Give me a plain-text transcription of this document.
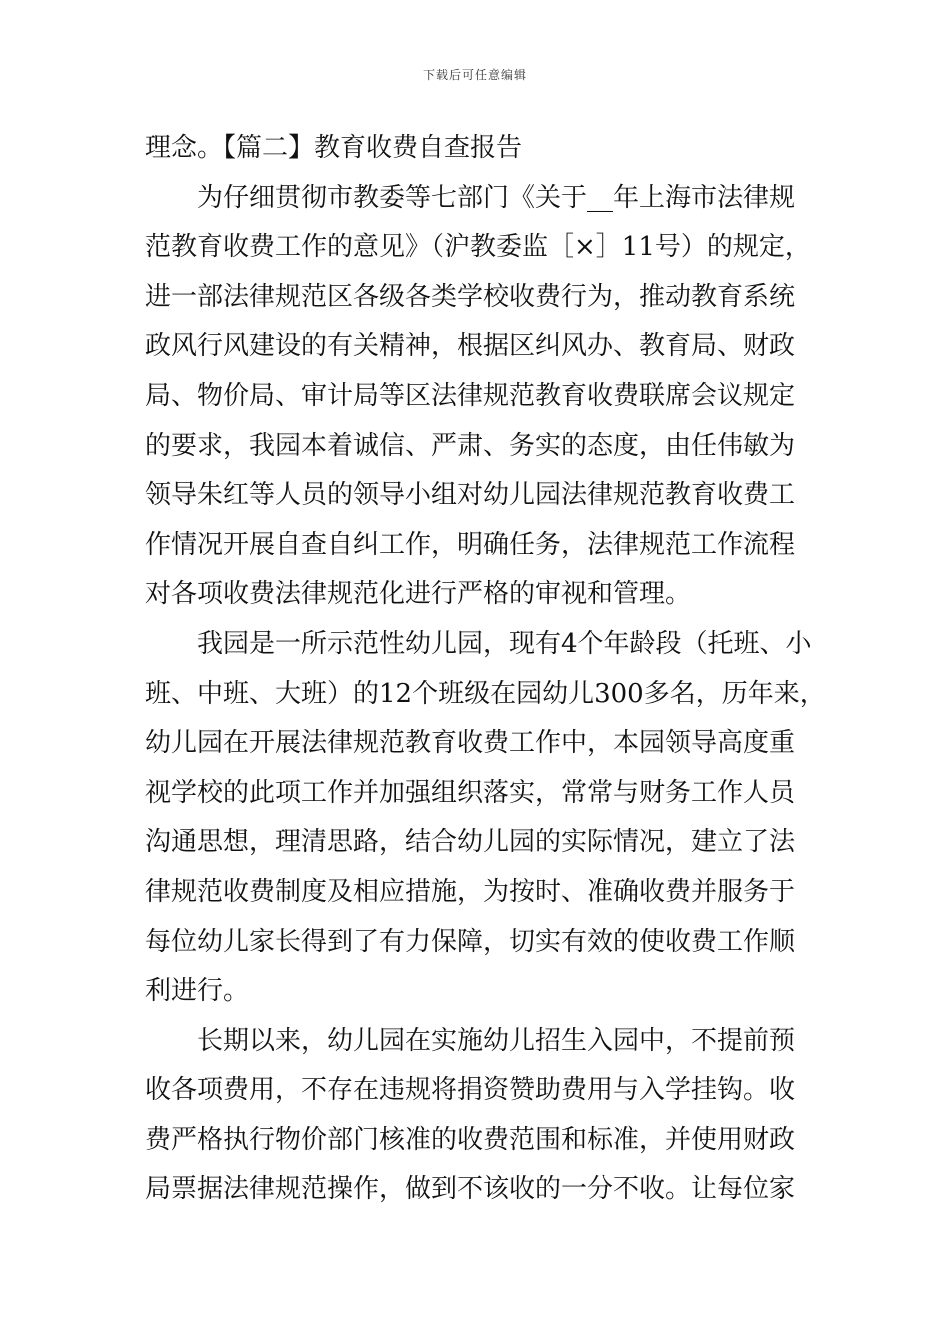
下载后可任意编辑
理念。【篇二】教育收费自查报告
为仔细贯彻市教委等七部门《关于__年上海市法律规
范教育收费工作的意见》（沪教委监［×］11号）的规定，
进一部法律规范区各级各类学校收费行为，推动教育系统
政风行风建设的有关精神，根据区纠风办、教育局、财政
局、物价局、审计局等区法律规范教育收费联席会议规定
的要求，我园本着诚信、严肃、务实的态度，由任伟敏为
领导朱红等人员的领导小组对幼儿园法律规范教育收费工
作情况开展自查自纠工作，明确任务，法律规范工作流程
对各项收费法律规范化进行严格的审视和管理。
我园是一所示范性幼儿园，现有4个年龄段（托班、小
班、中班、大班）的12个班级在园幼儿300多名，历年来，
幼儿园在开展法律规范教育收费工作中，本园领导高度重
视学校的此项工作并加强组织落实，常常与财务工作人员
沟通思想，理清思路，结合幼儿园的实际情况，建立了法
律规范收费制度及相应措施，为按时、准确收费并服务于
每位幼儿家长得到了有力保障，切实有效的使收费工作顺
利进行。
长期以来，幼儿园在实施幼儿招生入园中，不提前预
收各项费用，不存在违规将捐资赞助费用与入学挂钩。收
费严格执行物价部门核准的收费范围和标准，并使用财政
局票据法律规范操作，做到不该收的一分不收。让每位家
